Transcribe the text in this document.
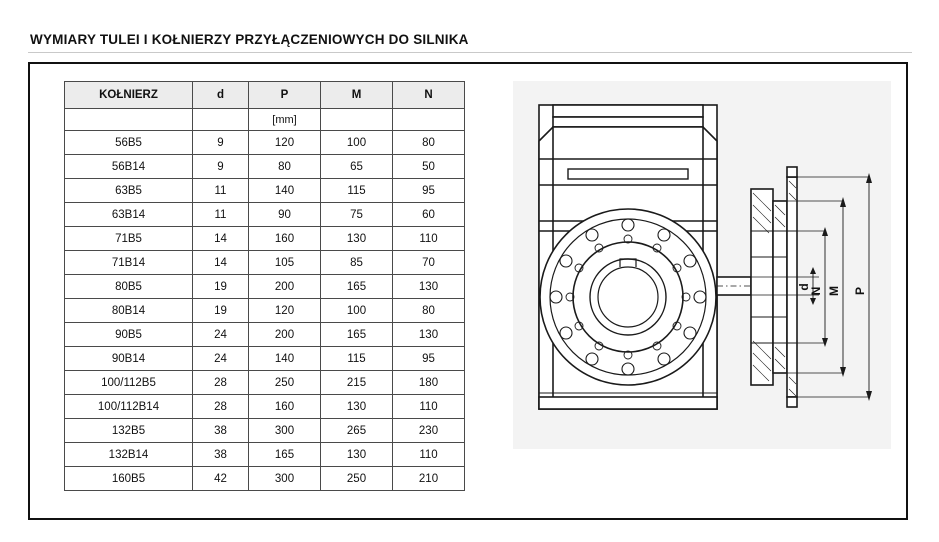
WYMIARY TULEI I KOŁNIERZY PRZYŁĄCZENIOWYCH DO SILNIKA
KOŁNIERZ	d	P	M	N
		[mm]		
56B5	9	120	100	80
56B14	9	80	65	50
63B5	11	140	115	95
63B14	11	90	75	60
71B5	14	160	130	110
71B14	14	105	85	70
80B5	19	200	165	130
80B14	19	120	100	80
90B5	24	200	165	130
90B14	24	140	115	95
100/112B5	28	250	215	180
100/112B14	28	160	130	110
132B5	38	300	265	230
132B14	38	165	130	110
160B5	42	300	250	210
d
N M P
